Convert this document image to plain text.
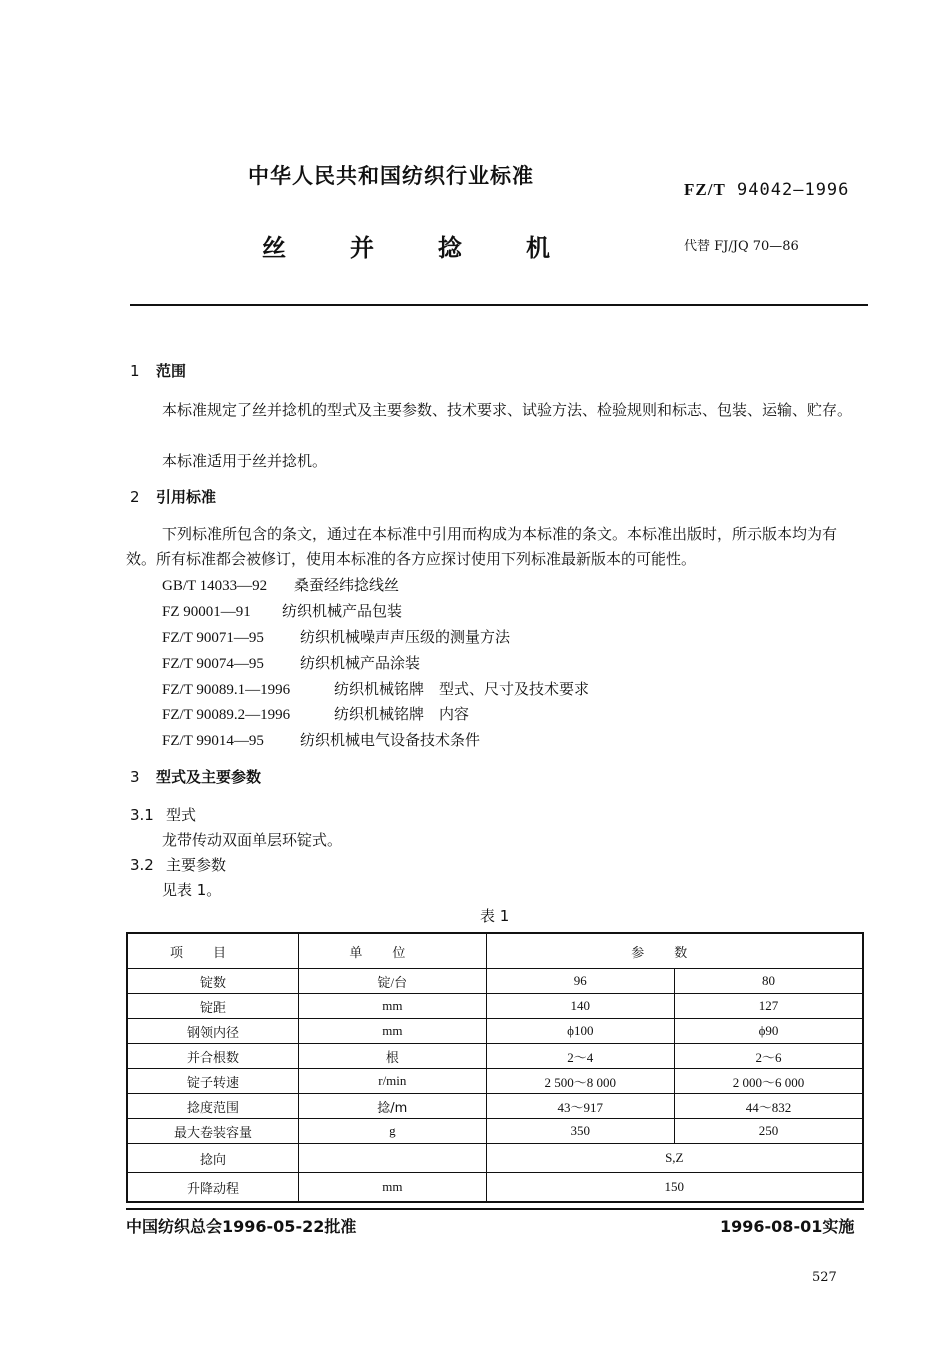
中华人民共和国纺织行业标准
FZ/T 94042—1996
丝并捻机	代替 FJ/JQ 70—86
1 范围
本标准规定了丝并捻机的型式及主要参数、技术要求、试验方法、检验规则和标志、包装、运输、贮存。
本标准适用于丝并捻机。
2 引用标准
下列标准所包含的条文，通过在本标准中引用而构成为本标准的条文。本标准出版时，所示版本均为有效。所有标准都会被修订，使用本标准的各方应探讨使用下列标准最新版本的可能性。
GB/T 14033—92 桑蚕经纬捻线丝
FZ 90001—91 纺织机械产品包装
FZ/T 90071—95 纺织机械噪声声压级的测量方法
FZ/T 90074—95 纺织机械产品涂装
FZ/T 90089.1—1996	纺织机械铭牌　型式、尺寸及技术要求
FZ/T 90089.2—1996	纺织机械铭牌　内容
FZ/T 99014—95 纺织机械电气设备技术条件
3 型式及主要参数
3.1 型式
龙带传动双面单层环锭式。
3.2 主要参数
见表 1。
表 1
项目	单位	参数	
锭数	锭/台	96	80
锭距	mm	140	127
钢领内径	mm	ϕ100	ϕ90
并合根数	根	2～4	2～6
锭子转速	r/min	2 500～8 000	2 000～6 000
捻度范围	捻/m	43～917	44～832
最大卷装容量	g	350	250
捻向		S,Z	
升降动程	mm	150	
中国纺织总会1996-05-22批准	1996-08-01实施
527
